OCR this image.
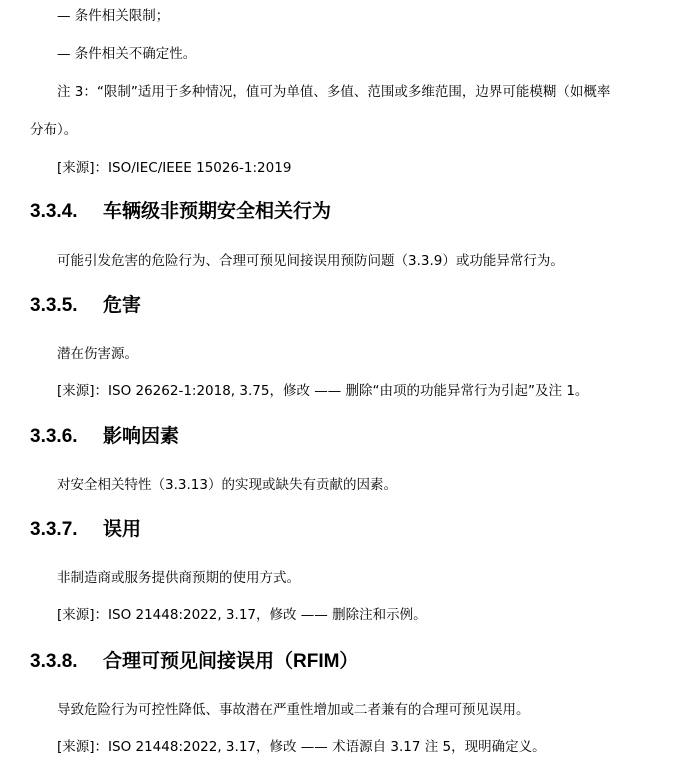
— 条件相关限制；
— 条件相关不确定性。
注 3：“限制”适用于多种情况，值可为单值、多值、范围或多维范围，边界可能模糊（如概率
分布）。
[来源]：ISO/IEC/IEEE 15026-1:2019
3.3.4. 车辆级非预期安全相关行为
可能引发危害的危险行为、合理可预见间接误用预防问题（3.3.9）或功能异常行为。
3.3.5. 危害
潜在伤害源。
[来源]：ISO 26262-1:2018, 3.75，修改 —— 删除“由项的功能异常行为引起”及注 1。
3.3.6. 影响因素
对安全相关特性（3.3.13）的实现或缺失有贡献的因素。
3.3.7. 误用
非制造商或服务提供商预期的使用方式。
[来源]：ISO 21448:2022, 3.17，修改 —— 删除注和示例。
3.3.8. 合理可预见间接误用（RFIM）
导致危险行为可控性降低、事故潜在严重性增加或二者兼有的合理可预见误用。
[来源]：ISO 21448:2022, 3.17，修改 —— 术语源自 3.17 注 5，现明确定义。
